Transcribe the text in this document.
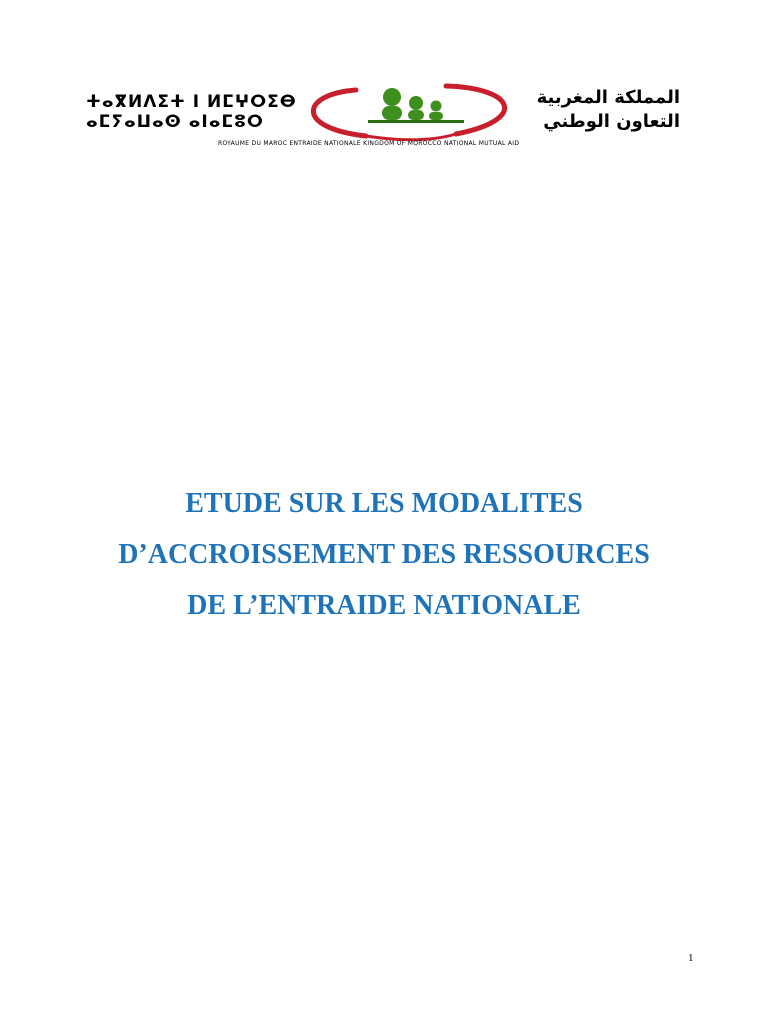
ⵜⴰⴳⵍⴷⵉⵜ ⵏ ⵍⵎⵖⵔⵉⴱ
ⴰⵎⵢⴰⵡⴰⵙ ⴰⵏⴰⵎⵓⵔ
المملكة المغربية
التعاون الوطني
ROYAUME DU MAROC ENTRAIDE NATIONALE KINGDOM OF MOROCCO NATIONAL MUTUAL AID
ETUDE SUR LES MODALITES
D’ACCROISSEMENT DES RESSOURCES
DE L’ENTRAIDE NATIONALE
1
